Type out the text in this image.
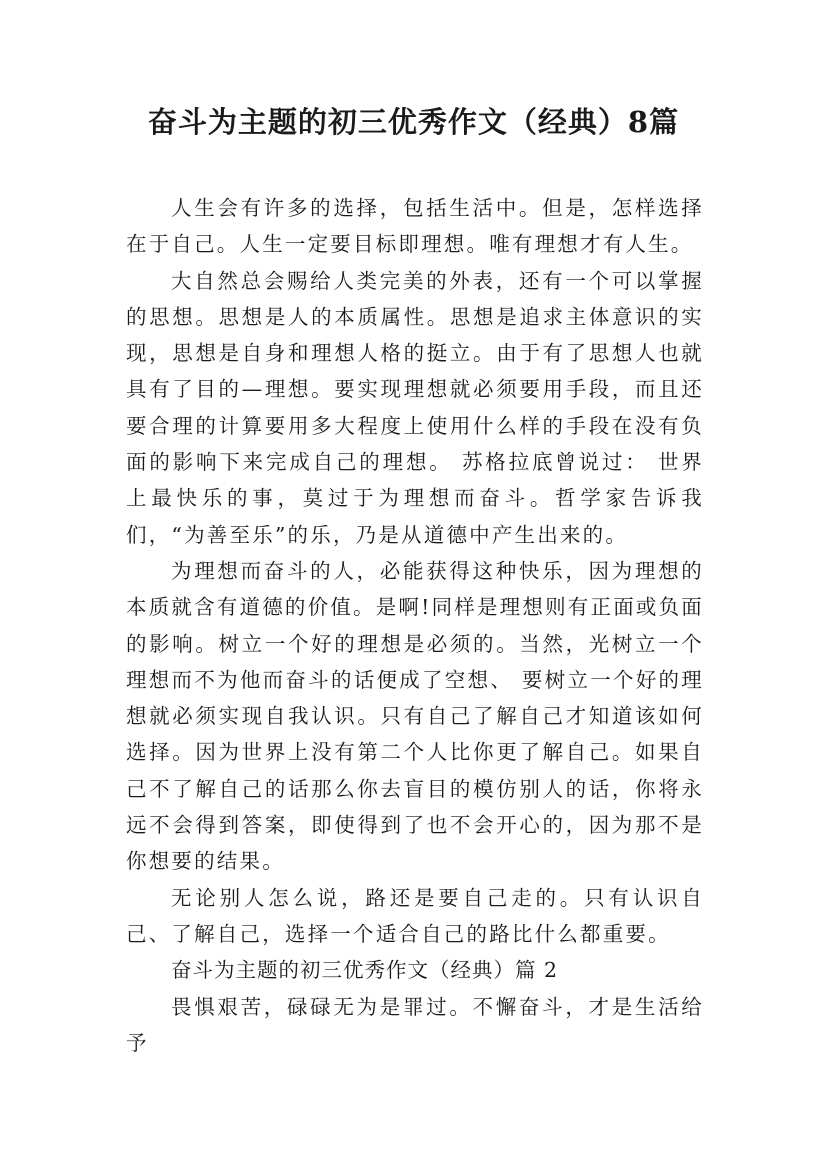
奋斗为主题的初三优秀作文（经典）8篇

人生会有许多的选择，包括生活中。但是，怎样选择在于自己。人生一定要目标即理想。唯有理想才有人生。

大自然总会赐给人类完美的外表，还有一个可以掌握的思想。思想是人的本质属性。思想是追求主体意识的实现，思想是自身和理想人格的挺立。由于有了思想人也就具有了目的—理想。要实现理想就必须要用手段，而且还要合理的计算要用多大程度上使用什么样的手段在没有负面的影响下来完成自己的理想。 苏格拉底曾说过： 世界上最快乐的事，莫过于为理想而奋斗。哲学家告诉我们，“为善至乐”的乐，乃是从道德中产生出来的。

为理想而奋斗的人，必能获得这种快乐，因为理想的本质就含有道德的价值。是啊!同样是理想则有正面或负面的影响。树立一个好的理想是必须的。当然，光树立一个理想而不为他而奋斗的话便成了空想、 要树立一个好的理想就必须实现自我认识。只有自己了解自己才知道该如何选择。因为世界上没有第二个人比你更了解自己。如果自己不了解自己的话那么你去盲目的模仿别人的话，你将永远不会得到答案，即使得到了也不会开心的，因为那不是你想要的结果。

无论别人怎么说，路还是要自己走的。只有认识自己、了解自己，选择一个适合自己的路比什么都重要。

奋斗为主题的初三优秀作文（经典）篇 2

畏惧艰苦，碌碌无为是罪过。不懈奋斗，才是生活给予
